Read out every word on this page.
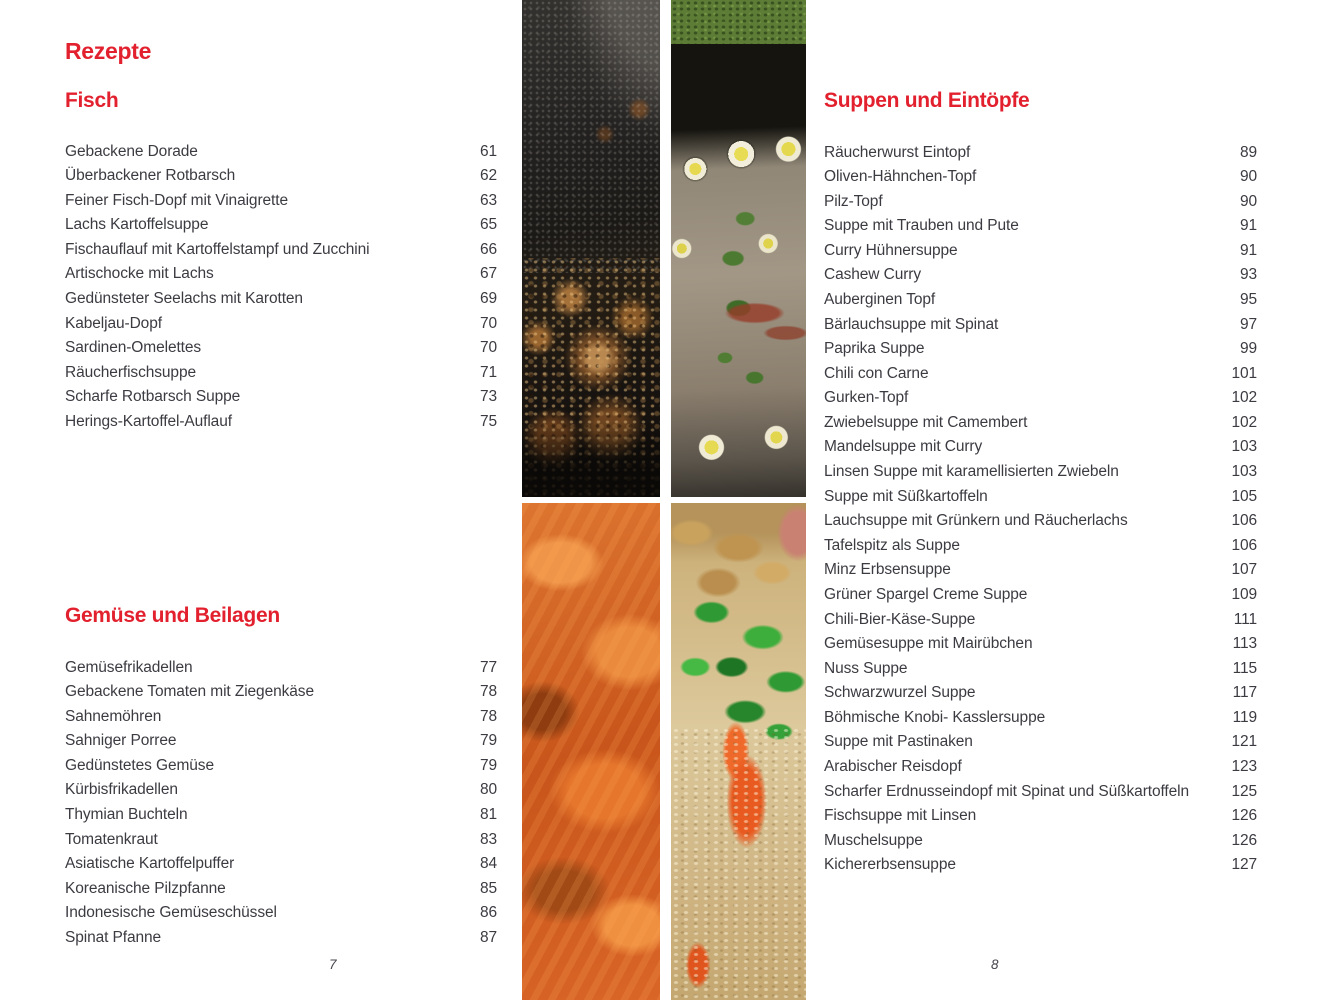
Rezepte
Fisch
Gebackene Dorade	61
Überbackener Rotbarsch	62
Feiner Fisch-Dopf mit Vinaigrette	63
Lachs Kartoffelsuppe	65
Fischauflauf mit Kartoffelstampf und Zucchini	66
Artischocke mit Lachs	67
Gedünsteter Seelachs mit Karotten	69
Kabeljau-Dopf	70
Sardinen-Omelettes	70
Räucherfischsuppe	71
Scharfe Rotbarsch Suppe	73
Herings-Kartoffel-Auflauf	75
Gemüse und Beilagen
Gemüsefrikadellen	77
Gebackene Tomaten mit Ziegenkäse	78
Sahnemöhren	78
Sahniger Porree	79
Gedünstetes Gemüse	79
Kürbisfrikadellen	80
Thymian Buchteln	81
Tomatenkraut	83
Asiatische Kartoffelpuffer	84
Koreanische Pilzpfanne	85
Indonesische Gemüseschüssel	86
Spinat Pfanne	87
7
Suppen und Eintöpfe
Räucherwurst Eintopf	89
Oliven-Hähnchen-Topf	90
Pilz-Topf	90
Suppe mit Trauben und Pute	91
Curry Hühnersuppe	91
Cashew Curry	93
Auberginen Topf	95
Bärlauchsuppe mit Spinat	97
Paprika Suppe	99
Chili con Carne	101
Gurken-Topf	102
Zwiebelsuppe mit Camembert	102
Mandelsuppe mit Curry	103
Linsen Suppe mit karamellisierten Zwiebeln	103
Suppe mit Süßkartoffeln	105
Lauchsuppe mit Grünkern und Räucherlachs	106
Tafelspitz als Suppe	106
Minz Erbsensuppe	107
Grüner Spargel Creme Suppe	109
Chili-Bier-Käse-Suppe	111
Gemüsesuppe mit Mairübchen	113
Nuss Suppe	115
Schwarzwurzel Suppe	117
Böhmische Knobi- Kasslersuppe	119
Suppe mit Pastinaken	121
Arabischer Reisdopf	123
Scharfer Erdnusseindopf mit Spinat und Süßkartoffeln	125
Fischsuppe mit Linsen	126
Muschelsuppe	126
Kichererbsensuppe	127
8
